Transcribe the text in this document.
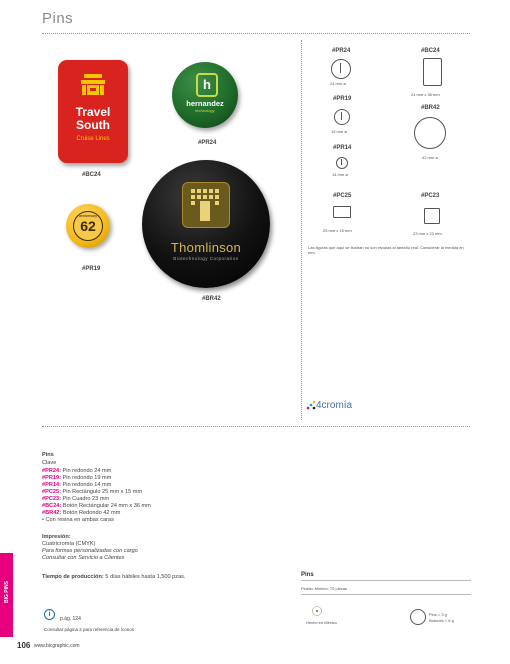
Pins
Travel
South
Cruise Lines
#BC24
h
hernandez
technology
#PR24
anniversary
62
#PR19
Thomlinson
Biotechnology Corporation
#BR42
#PR24
24 mm ø
#BC24
24 mm x 36 mm
#PR19
19 mm ø
#BR42
42 mm ø
#PR14
14 mm ø
#PC25
25 mm x 15 mm
#PC23
23 mm x 23 mm
Las figuras que aquí se ilustran no son escalas al tamaño real. Considerar la medida en mm.
4cromía
Pins
Clave
#PR24: Pin redondo 24 mm
#PR19: Pin redondo 19 mm
#PR14: Pin redondo 14 mm
#PC25: Pin Rectángulo 25 mm x 15 mm
#PC23: Pin Cuadro 23 mm
#BC24: Botón Rectángular 24 mm x 36 mm
#BR42: Botón Redondo 42 mm
• Con resina en ambas caras
Impresión:
Cuatricromía (CMYK)
Para formas personalizadas con cargo
Consultar con Servicio a Clientes
Tiempo de producción: 5 días hábiles hasta 1,500 pzas.
BIG PINS
i
p.ág. 124
Consultar página 2 para referencia de íconos
Pins
Pedido Mínimo: 70 piezas
Hecho en México
Pins = 3 g
Botones = 6 g
106 www.bicgraphic.com
